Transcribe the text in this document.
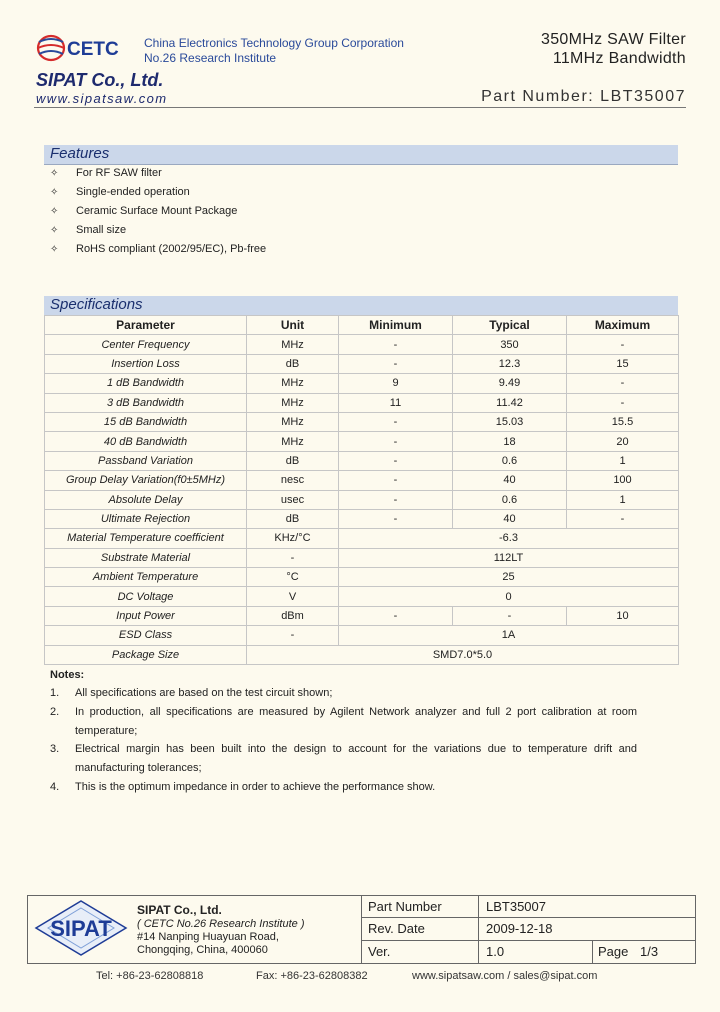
CETC China Electronics Technology Group Corporation
No.26 Research Institute
SIPAT Co., Ltd.
www.sipatsaw.com
350MHz SAW Filter
11MHz Bandwidth
Part Number: LBT35007
Features
✧ For RF SAW filter
✧ Single-ended operation
✧ Ceramic Surface Mount Package
✧ Small size
✧ RoHS compliant (2002/95/EC), Pb-free
Specifications
Parameter	Unit	Minimum	Typical	Maximum
Center Frequency	MHz	-	350	-
Insertion Loss	dB	-	12.3	15
1 dB Bandwidth	MHz	9	9.49	-
3 dB Bandwidth	MHz	11	11.42	-
15 dB Bandwidth	MHz	-	15.03	15.5
40 dB Bandwidth	MHz	-	18	20
Passband Variation	dB	-	0.6	1
Group Delay Variation(f0±5MHz)	nesc	-	40	100
Absolute Delay	usec	-	0.6	1
Ultimate Rejection	dB	-	40	-
Material Temperature coefficient	KHz/°C	-6.3		
Substrate Material	-	112LT		
Ambient Temperature	°C	25		
DC Voltage	V	0		
Input Power	dBm	-	-	10
ESD Class	-	1A		
Package Size	SMD7.0*5.0			
Notes:
1. All specifications are based on the test circuit shown;
2. In production, all specifications are measured by Agilent Network analyzer and full 2 port calibration at room temperature;
3. Electrical margin has been built into the design to account for the variations due to temperature drift and manufacturing tolerances;
4. This is the optimum impedance in order to achieve the performance show.
SIPAT
SIPAT Co., Ltd.
( CETC No.26 Research Institute )
#14 Nanping Huayuan Road,
Chongqing, China, 400060
Part Number	LBT35007
Rev. Date	2009-12-18
Ver.	1.0	Page 1/3
Tel: +86-23-62808818	Fax: +86-23-62808382	www.sipatsaw.com / sales@sipat.com
